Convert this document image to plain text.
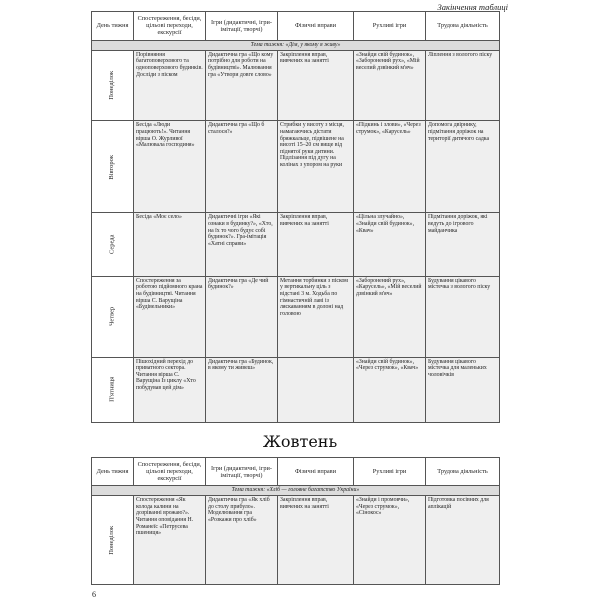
Закінчення таблиці
День тижня	Спостереження, бесіди, цільові переходи, екскурсії	Ігри (дидактичні, ігри-імітації, творчі)	Фізичні вправи	Рухливі ігри	Трудова діяльність
Тема тижня: «Дім, у якому я живу»					
Понеділок	Порівняння багатоповерхового та одноповерхового будинків. Досліди з піском	Дидактична гра «Що кому потрібно для роботи на будівництві». Малювання гра «Утвори довге слово»	Закріплення вправ, вивчених на занятті	«Знайди свій будинок», «Заборонений рух», «Мій веселий дзвінкий м'яч»	Ліплення з вологого піску
Вівторок	Бесіда «Люди працюють!». Читання вірша О. Журливої «Малювала господиня»	Дидактична гра «Що б сталося?»	Стрибки у висоту з місця, намагаючись дістати бряжкальце, підвішене на висоті 15–20 см вище від піднятої руки дитини. Підлізання під дугу на колінах з упором на руки	«Підкинь і злови», «Через струмок», «Карусель»	Допомога двірнику, підмітання доріжок на території дитячого садка
Середа	Бесіда «Моє село»	Дидактичні ігри «Які ознаки в будинку?», «Хто, на їх то чого будує собі будинок?». Гра-імітація «Хатні справи»	Закріплення вправ, вивчених на занятті	«Цільна злучайно», «Знайди свій будинок», «Квач»	Підмітання доріжок, які ведуть до ігрового майданчика
Четвер	Спостереження за роботою підйомного крана на будівництві. Читання вірша С. Варущіна «Будівельники»	Дидактична гра «Де чий будинок?»	Метання торбинки з піском у вертикальну ціль з відстані 3 м. Ходьба по гімнастичній лаві із ляскаванням в долоні над головою	«Заборонений рух», «Карусель», «Мій веселий дзвінкий м'яч»	Будування цікавого містечка з вологого піску
П'ятниця	Пішохідний перехід до приватного сектора. Читання вірша С. Варущіна Із циклу «Хто побудував цей дім»	Дидактична гра «Будинок, в якому ти живеш»		«Знайди свій будинок», «Через струмок», «Квач»	Будування цікавого містечка для маленьких чоловічків
Жовтень
День тижня	Спостереження, бесіди, цільові переходи, екскурсії	Ігри (дидактичні, ігри-імітації, творчі)	Фізичні вправи	Рухливі ігри	Трудова діяльність
Тема тижня: «Хліб — головне багатство України»					
Понеділок	Спостереження «Як колода калини на дозріванні врожаю?». Читання оповідання Н. Романеїс «Петрусева пшениця»	Дидактична гра «Як хліб до столу прибуло». Моделювання гра «Розкажи про хліб»	Закріплення вправ, вивчених на занятті	«Знайди і промовчи», «Через струмок», «Сінокос»	Підготовка посівних для аплікацій
6
